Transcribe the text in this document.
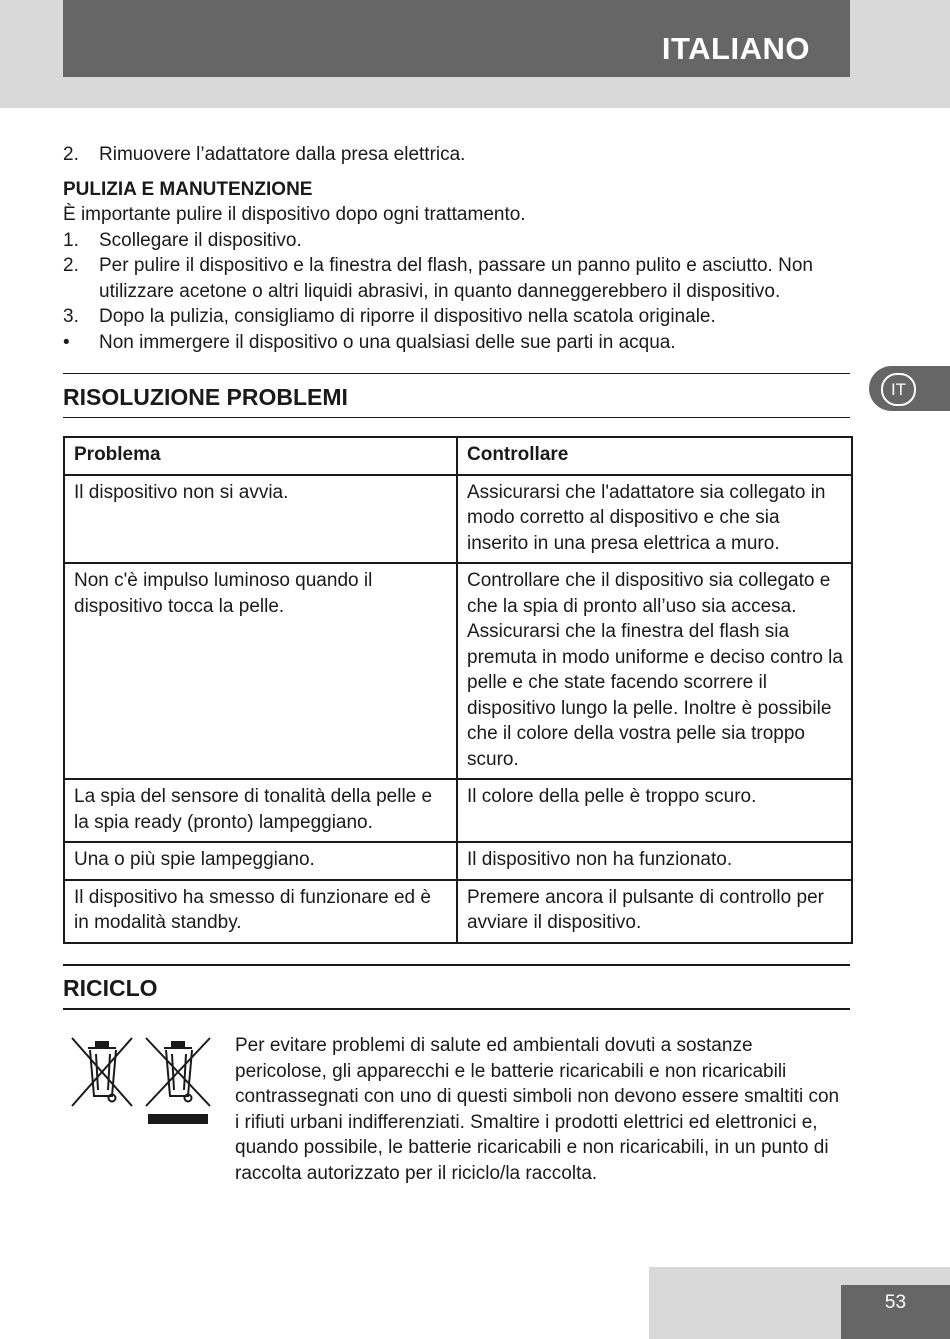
ITALIANO
IT
2.	Rimuovere l’adattatore dalla presa elettrica.
PULIZIA E MANUTENZIONE
È importante pulire il dispositivo dopo ogni trattamento.
1.	Scollegare il dispositivo.
2.	Per pulire il dispositivo e la finestra del flash, passare un panno pulito e asciutto. Non utilizzare acetone o altri liquidi abrasivi, in quanto danneggerebbero il dispositivo.
3.	Dopo la pulizia, consigliamo di riporre il dispositivo nella scatola originale.
•	Non immergere il dispositivo o una qualsiasi delle sue parti in acqua.
RISOLUZIONE PROBLEMI
Problema	Controllare
Il dispositivo non si avvia.	Assicurarsi che l'adattatore sia collegato in modo corretto al dispositivo e che sia inserito in una presa elettrica a muro.
Non c'è impulso luminoso quando il dispositivo tocca la pelle.	Controllare che il dispositivo sia collegato e che la spia di pronto all’uso sia accesa. Assicurarsi che la finestra del flash sia premuta in modo uniforme e deciso contro la pelle e che state facendo scorrere il dispositivo lungo la pelle. Inoltre è possibile che il colore della vostra pelle sia troppo scuro.
La spia del sensore di tonalità della pelle e la spia ready (pronto) lampeggiano.	Il colore della pelle è troppo scuro.
Una o più spie lampeggiano.	Il dispositivo non ha funzionato.
Il dispositivo ha smesso di funzionare ed è in modalità standby.	Premere ancora il pulsante di controllo per avviare il dispositivo.
RICICLO
Per evitare problemi di salute ed ambientali dovuti a sostanze pericolose, gli apparecchi e le batterie ricaricabili e non ricaricabili contrassegnati con uno di questi simboli non devono essere smaltiti con i rifiuti urbani indifferenziati. Smaltire i prodotti elettrici ed elettronici e, quando possibile, le batterie ricaricabili e non ricaricabili, in un punto di raccolta autorizzato per il riciclo/la raccolta.
53
